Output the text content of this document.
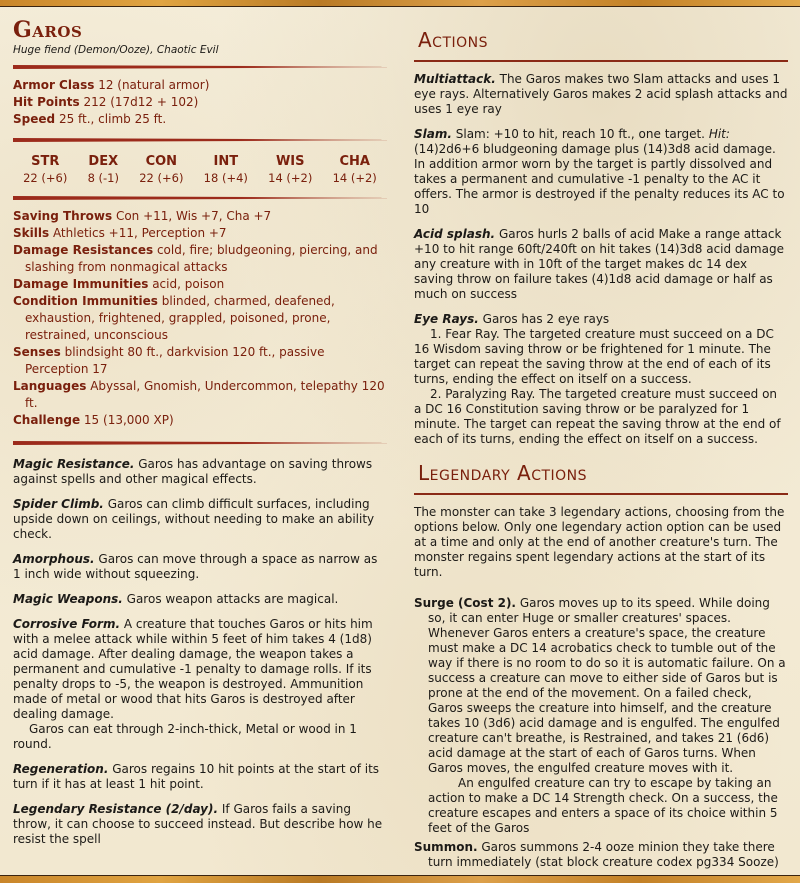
Garos
Huge fiend (Demon/Ooze), Chaotic Evil
Armor Class 12 (natural armor)
Hit Points 212 (17d12 + 102)
Speed 25 ft., climb 25 ft.
STR
22 (+6)
DEX
8 (-1)
CON
22 (+6)
INT
18 (+4)
WIS
14 (+2)
CHA
14 (+2)
Saving Throws Con +11, Wis +7, Cha +7
Skills Athletics +11, Perception +7
Damage Resistances cold, fire; bludgeoning, piercing, and slashing from nonmagical attacks
Damage Immunities acid, poison
Condition Immunities blinded, charmed, deafened, exhaustion, frightened, grappled, poisoned, prone, restrained, unconscious
Senses blindsight 80 ft., darkvision 120 ft., passive Perception 17
Languages Abyssal, Gnomish, Undercommon, telepathy 120 ft.
Challenge 15 (13,000 XP)
Magic Resistance. Garos has advantage on saving throws against spells and other magical effects.
Spider Climb. Garos can climb difficult surfaces, including upside down on ceilings, without needing to make an ability check.
Amorphous. Garos can move through a space as narrow as 1 inch wide without squeezing.
Magic Weapons. Garos weapon attacks are magical.
Corrosive Form. A creature that touches Garos or hits him with a melee attack while within 5 feet of him takes 4 (1d8) acid damage. After dealing damage, the weapon takes a permanent and cumulative -1 penalty to damage rolls. If its penalty drops to -5, the weapon is destroyed. Ammunition made of metal or wood that hits Garos is destroyed after dealing damage.
Garos can eat through 2-inch-thick, Metal or wood in 1 round.
Regeneration. Garos regains 10 hit points at the start of its turn if it has at least 1 hit point.
Legendary Resistance (2/day). If Garos fails a saving throw, it can choose to succeed instead. But describe how he resist the spell
Actions
Multiattack. The Garos makes two Slam attacks and uses 1 eye rays. Alternatively Garos makes 2 acid splash attacks and uses 1 eye ray
Slam. Slam: +10 to hit, reach 10 ft., one target. Hit: (14)2d6+6 bludgeoning damage plus (14)3d8 acid damage. In addition armor worn by the target is partly dissolved and takes a permanent and cumulative -1 penalty to the AC it offers. The armor is destroyed if the penalty reduces its AC to 10
Acid splash. Garos hurls 2 balls of acid Make a range attack +10 to hit range 60ft/240ft on hit takes (14)3d8 acid damage any creature with in 10ft of the target makes dc 14 dex saving throw on failure takes (4)1d8 acid damage or half as much on success
Eye Rays. Garos has 2 eye rays
1. Fear Ray. The targeted creature must succeed on a DC 16 Wisdom saving throw or be frightened for 1 minute. The target can repeat the saving throw at the end of each of its turns, ending the effect on itself on a success.
2. Paralyzing Ray. The targeted creature must succeed on a DC 16 Constitution saving throw or be paralyzed for 1 minute. The target can repeat the saving throw at the end of each of its turns, ending the effect on itself on a success.
Legendary Actions
The monster can take 3 legendary actions, choosing from the options below. Only one legendary action option can be used at a time and only at the end of another creature's turn. The monster regains spent legendary actions at the start of its turn.
Surge (Cost 2). Garos moves up to its speed. While doing so, it can enter Huge or smaller creatures' spaces. Whenever Garos enters a creature's space, the creature must make a DC 14 acrobatics check to tumble out of the way if there is no room to do so it is automatic failure. On a success a creature can move to either side of Garos but is prone at the end of the movement. On a failed check, Garos sweeps the creature into himself, and the creature takes 10 (3d6) acid damage and is engulfed. The engulfed creature can't breathe, is Restrained, and takes 21 (6d6) acid damage at the start of each of Garos turns. When Garos moves, the engulfed creature moves with it.
An engulfed creature can try to escape by taking an action to make a DC 14 Strength check. On a success, the creature escapes and enters a space of its choice within 5 feet of the Garos
Summon. Garos summons 2-4 ooze minion they take there turn immediately (stat block creature codex pg334 Sooze)
